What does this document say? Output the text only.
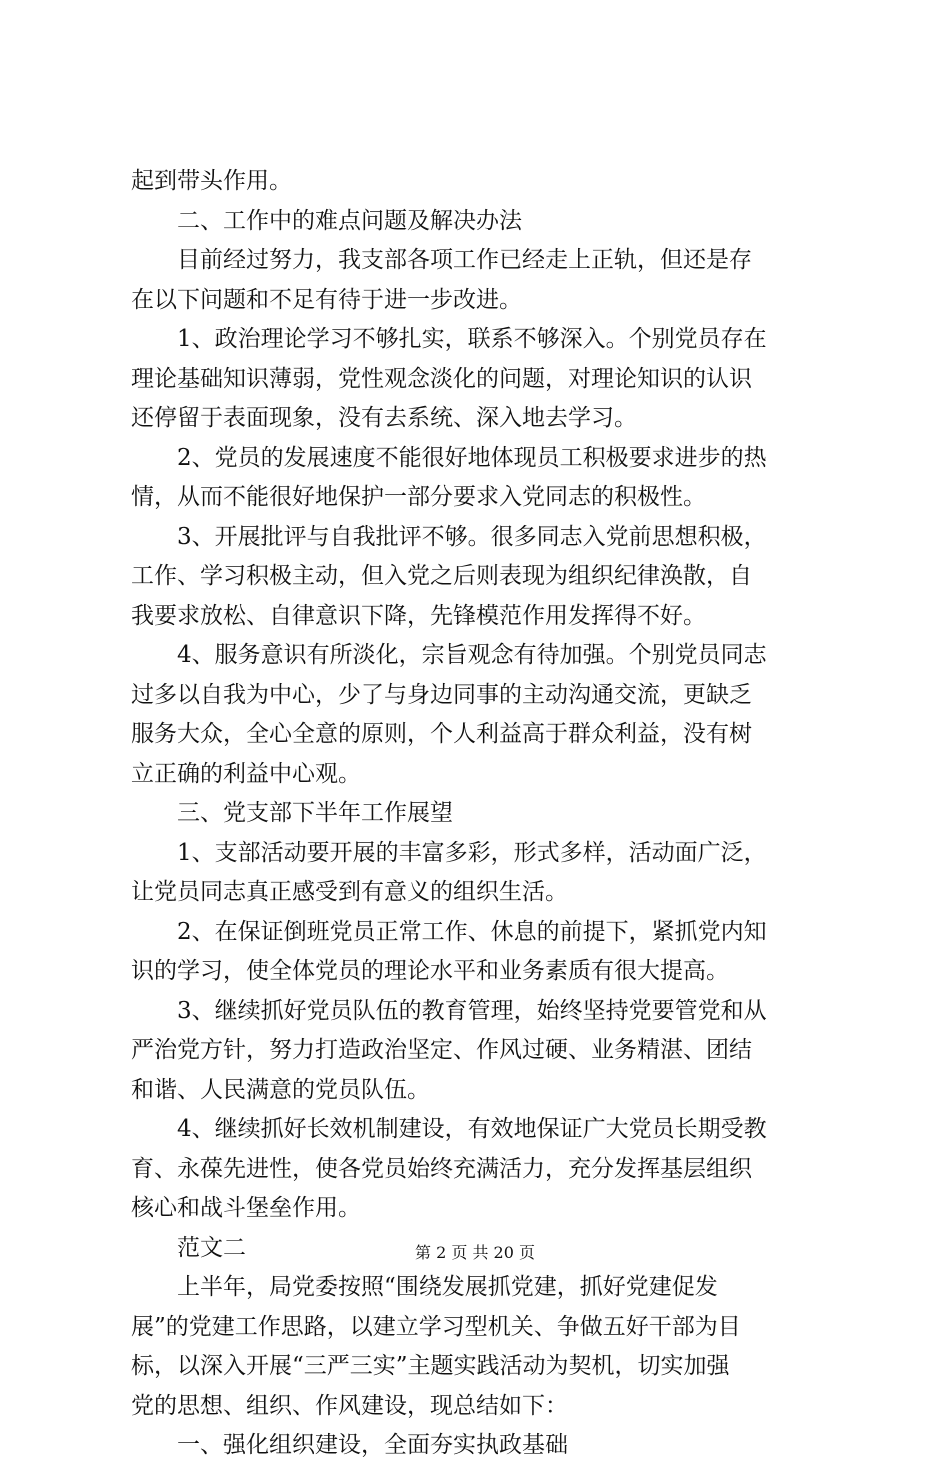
起到带头作用。
　　二、工作中的难点问题及解决办法
　　目前经过努力，我支部各项工作已经走上正轨，但还是存
在以下问题和不足有待于进一步改进。
　　1、政治理论学习不够扎实，联系不够深入。个别党员存在
理论基础知识薄弱，党性观念淡化的问题，对理论知识的认识
还停留于表面现象，没有去系统、深入地去学习。
　　2、党员的发展速度不能很好地体现员工积极要求进步的热
情，从而不能很好地保护一部分要求入党同志的积极性。
　　3、开展批评与自我批评不够。很多同志入党前思想积极，
工作、学习积极主动，但入党之后则表现为组织纪律涣散，自
我要求放松、自律意识下降，先锋模范作用发挥得不好。
　　4、服务意识有所淡化，宗旨观念有待加强。个别党员同志
过多以自我为中心，少了与身边同事的主动沟通交流，更缺乏
服务大众，全心全意的原则，个人利益高于群众利益，没有树
立正确的利益中心观。
　　三、党支部下半年工作展望
　　1、支部活动要开展的丰富多彩，形式多样，活动面广泛，
让党员同志真正感受到有意义的组织生活。
　　2、在保证倒班党员正常工作、休息的前提下，紧抓党内知
识的学习，使全体党员的理论水平和业务素质有很大提高。
　　3、继续抓好党员队伍的教育管理，始终坚持党要管党和从
严治党方针，努力打造政治坚定、作风过硬、业务精湛、团结
和谐、人民满意的党员队伍。
　　4、继续抓好长效机制建设，有效地保证广大党员长期受教
育、永葆先进性，使各党员始终充满活力，充分发挥基层组织
核心和战斗堡垒作用。
　　范文二
　　上半年，局党委按照“围绕发展抓党建，抓好党建促发
展”的党建工作思路，以建立学习型机关、争做五好干部为目
标，以深入开展“三严三实”主题实践活动为契机，切实加强
党的思想、组织、作风建设，现总结如下：
　　一、强化组织建设，全面夯实执政基础
第 2 页 共 20 页
